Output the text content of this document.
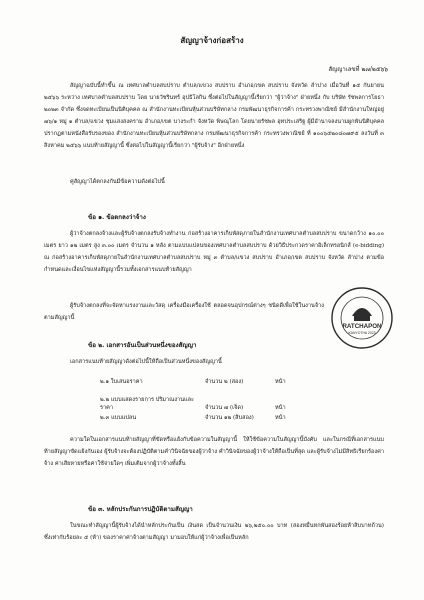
สัญญาจ้างก่อสร้าง
สัญญาเลขที่ ๒๗/๒๕๖๖
สัญญาฉบับนี้ทำขึ้น ณ เทศบาลตำบลสบปราบ ตำบล/แขวง สบปราบ อำเภอ/เขต สบปราบ จังหวัด ลำปาง เมื่อวันที่ ๑๕ กันยายน ๒๕๖๖ ระหว่าง เทศบาลตำบลสบปราบ โดย นายวัชรินทร์ อุปธิโลกิน ซึ่งต่อไปในสัญญานี้เรียกว่า "ผู้ว่าจ้าง" ฝ่ายหนึ่ง กับ บริษัท รัชพลการโยธา ๒๐๒๓ จำกัด ซึ่งจดทะเบียนเป็นนิติบุคคล ณ สำนักงานทะเบียนหุ้นส่วนบริษัทกลาง กรมพัฒนาธุรกิจการค้า กระทรวงพาณิชย์ มีสำนักงานใหญ่อยู่ ๗๖/๑ หมู่ ๑ ตำบล/แขวง ชุมแสงสงคราม อำเภอ/เขต บางระกำ จังหวัด พิษณุโลก โดยนายรัชพล อุทประเสริฐ ผู้มีอำนาจลงนามผูกพันนิติบุคคลปรากฏตามหนังสือรับรองของ สำนักงานทะเบียนหุ้นส่วนบริษัทกลาง กรมพัฒนาธุรกิจการค้า กระทรวงพาณิชย์ ที่ ๑๐๐๖๕๒๐๘๐๗๙๕ ลงวันที่ ๓ สิงหาคม ๒๕๖๖ แนบท้ายสัญญานี้ ซึ่งต่อไปในสัญญานี้เรียกว่า "ผู้รับจ้าง" อีกฝ่ายหนึ่ง
คู่สัญญาได้ตกลงกันมีข้อความดังต่อไปนี้
ข้อ ๑. ข้อตกลงว่าจ้าง
ผู้ว่าจ้างตกลงจ้างและผู้รับจ้างตกลงรับจ้างทำงาน ก่อสร้างอาคารเก็บพัสดุภายในสำนักงานเทศบาลตำบลสบปราบ ขนาดกว้าง ๑๐.๐๐ เมตร ยาว ๑๒ เมตร สูง ๓.๐๐ เมตร จำนวน ๑ หลัง ตามแบบแปลนของเทศบาลตำบลสบปราบ ด้วยวิธีประกวดราคาอิเล็กทรอนิกส์ (e-bidding) ณ ก่อสร้างอาคารเก็บพัสดุภายในสำนักงานเทศบาลตำบลสบปราบ หมู่ ๓ ตำบล/แขวง สบปราบ อำเภอ/เขต สบปราบ จังหวัด ลำปาง ตามข้อกำหนดและเงื่อนไขแห่งสัญญานี้รวมทั้งเอกสารแนบท้ายสัญญา
ผู้รับจ้างตกลงที่จะจัดหาแรงงานและวัสดุ เครื่องมือเครื่องใช้ ตลอดจนอุปกรณ์ต่างๆ ชนิดดีเพื่อใช้ในงานจ้างตามสัญญานี้
ข้อ ๒. เอกสารอันเป็นส่วนหนึ่งของสัญญา
เอกสารแนบท้ายสัญญาดังต่อไปนี้ให้ถือเป็นส่วนหนึ่งของสัญญานี้
๒.๑ ใบเสนอราคา	จำนวน ๒ (สอง)	หน้า
๒.๒ แบบแสดงรายการ ปริมาณงานและราคา	จำนวน ๗ (เจ็ด)	หน้า
๒.๓ แบบแปลน	จำนวน ๑๒ (สิบสอง)	หน้า
ความใดในเอกสารแนบท้ายสัญญาที่ขัดหรือแย้งกับข้อความในสัญญานี้ ให้ใช้ข้อความในสัญญานี้บังคับ และในกรณีที่เอกสารแนบท้ายสัญญาขัดแย้งกันเอง ผู้รับจ้างจะต้องปฏิบัติตามคำวินิจฉัยของผู้ว่าจ้าง คำวินิจฉัยของผู้ว่าจ้างให้ถือเป็นที่สุด และผู้รับจ้างไม่มีสิทธิเรียกร้องค่าจ้าง ค่าเสียหายหรือค่าใช้จ่ายใดๆ เพิ่มเติมจากผู้ว่าจ้างทั้งสิ้น
ข้อ ๓. หลักประกันการปฏิบัติตามสัญญา
ในขณะทำสัญญานี้ผู้รับจ้างได้นำหลักประกันเป็น เงินสด เป็นจำนวนเงิน ๒๖,๒๕๐.๐๐ บาท (สองหมื่นหกพันสองร้อยห้าสิบบาทถ้วน) ซึ่งเท่ากับร้อยละ ๕ (ห้า) ของราคาค่าจ้างตามสัญญา มามอบให้แก่ผู้ว่าจ้างเพื่อเป็นหลัก
RATCHAPON
KANYOTHA 2023
